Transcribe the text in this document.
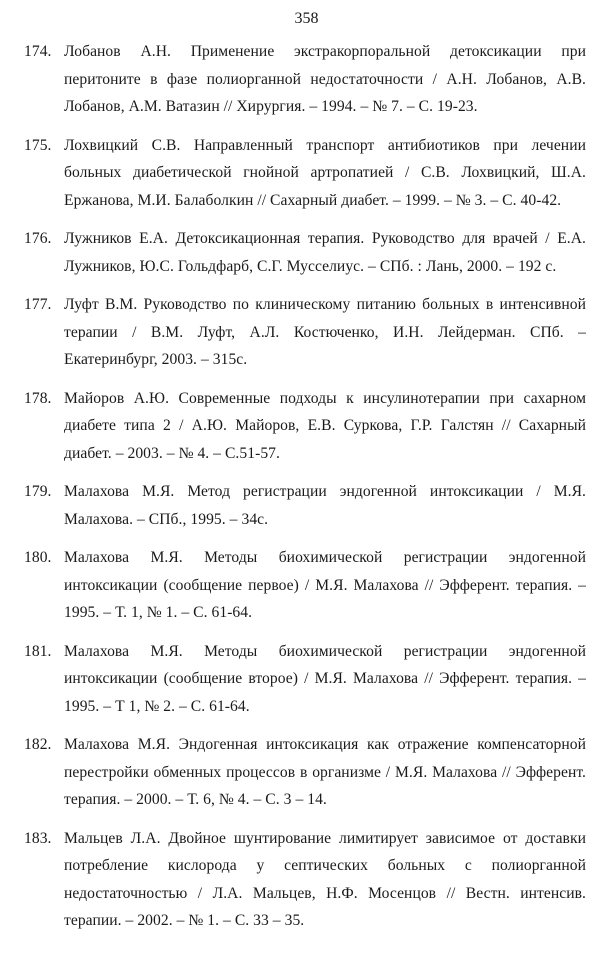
358
174. Лобанов А.Н. Применение экстракорпоральной детоксикации при перитоните в фазе полиорганной недостаточности / А.Н. Лобанов, А.В. Лобанов, А.М. Ватазин // Хирургия. – 1994. – № 7. – С. 19-23.
175. Лохвицкий С.В. Направленный транспорт антибиотиков при лечении больных диабетической гнойной артропатией / С.В. Лохвицкий, Ш.А. Ержанова, М.И. Балаболкин // Сахарный диабет. – 1999. – № 3. – С. 40-42.
176. Лужников Е.А. Детоксикационная терапия. Руководство для врачей / Е.А. Лужников, Ю.С. Гольдфарб, С.Г. Мусселиус. – СПб. : Лань, 2000. – 192 с.
177. Луфт В.М. Руководство по клиническому питанию больных в интенсивной терапии / В.М. Луфт, А.Л. Костюченко, И.Н. Лейдерман. СПб. – Екатеринбург, 2003. – 315с.
178. Майоров А.Ю. Современные подходы к инсулинотерапии при сахарном диабете типа 2 / А.Ю. Майоров, Е.В. Суркова, Г.Р. Галстян // Сахарный диабет. – 2003. – № 4. – С.51-57.
179. Малахова М.Я. Метод регистрации эндогенной интоксикации / М.Я. Малахова. – СПб., 1995. – 34с.
180. Малахова М.Я. Методы биохимической регистрации эндогенной интоксикации (сообщение первое) / М.Я. Малахова // Эфферент. терапия. – 1995. – Т. 1, № 1. – С. 61-64.
181. Малахова М.Я. Методы биохимической регистрации эндогенной интоксикации (сообщение второе) / М.Я. Малахова // Эфферент. терапия. – 1995. – Т 1, № 2. – С. 61-64.
182. Малахова М.Я. Эндогенная интоксикация как отражение компенсаторной перестройки обменных процессов в организме / М.Я. Малахова // Эфферент. терапия. – 2000. – Т. 6, № 4. – С. 3 – 14.
183. Мальцев Л.А. Двойное шунтирование лимитирует зависимое от доставки потребление кислорода у септических больных с полиорганной недостаточностью / Л.А. Мальцев, Н.Ф. Мосенцов // Вестн. интенсив. терапии. – 2002. – № 1. – С. 33 – 35.
